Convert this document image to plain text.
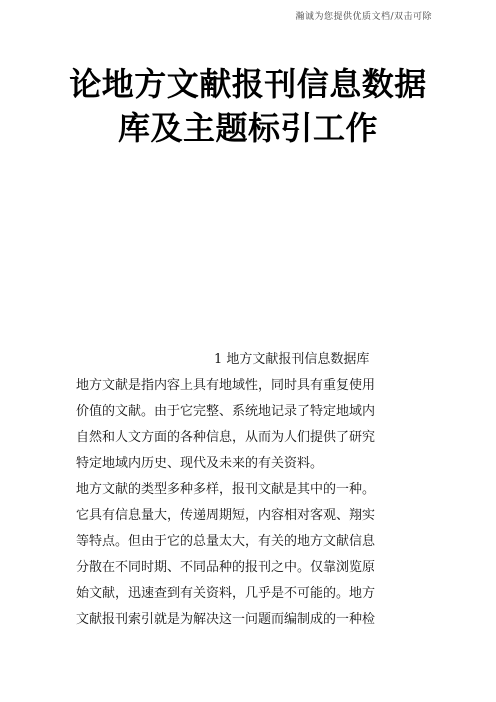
瀚诚为您提供优质文档/双击可除
论地方文献报刊信息数据
库及主题标引工作
1 地方文献报刊信息数据库

地方文献是指内容上具有地域性，同时具有重复使用
价值的文献。由于它完整、系统地记录了特定地域内
自然和人文方面的各种信息，从而为人们提供了研究
特定地域内历史、现代及未来的有关资料。

地方文献的类型多种多样，报刊文献是其中的一种。
它具有信息量大，传递周期短，内容相对客观、翔实
等特点。但由于它的总量太大，有关的地方文献信息
分散在不同时期、不同品种的报刊之中。仅靠浏览原
始文献，迅速查到有关资料，几乎是不可能的。地方
文献报刊索引就是为解决这一问题而编制成的一种检
